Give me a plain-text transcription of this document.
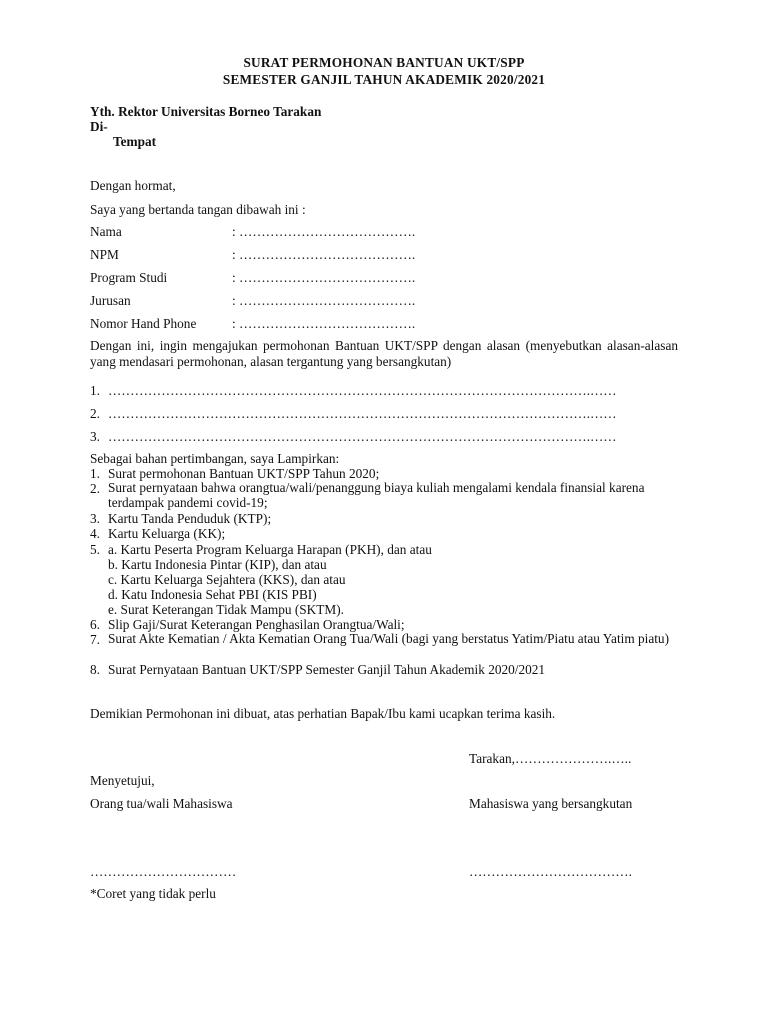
SURAT PERMOHONAN BANTUAN UKT/SPP
SEMESTER GANJIL TAHUN AKADEMIK 2020/2021
Yth. Rektor Universitas Borneo Tarakan
Di-
Tempat
Dengan hormat,
Saya yang bertanda tangan dibawah ini :
Nama	: ………………………………….
NPM	: ………………………………….
Program Studi	: ………………………………….
Jurusan	: ………………………………….
Nomor Hand Phone	: ………………………………….
Dengan ini, ingin mengajukan permohonan Bantuan UKT/SPP dengan alasan (menyebutkan alasan-alasan yang mendasari permohonan, alasan tergantung yang bersangkutan)
1. ……………………………………………………………………………………………….……
2. ……………………………………………………………………………………………….……
3. ……………………………………………………………………………………………….……
Sebagai bahan pertimbangan, saya Lampirkan:
1. Surat permohonan Bantuan UKT/SPP Tahun 2020;
2. Surat pernyataan bahwa orangtua/wali/penanggung biaya kuliah mengalami kendala finansial karena terdampak pandemi covid-19;
3. Kartu Tanda Penduduk (KTP);
4. Kartu Keluarga (KK);
5. a. Kartu Peserta Program Keluarga Harapan (PKH), dan atau
b. Kartu Indonesia Pintar (KIP), dan atau
c. Kartu Keluarga Sejahtera (KKS), dan atau
d. Katu Indonesia Sehat PBI (KIS PBI)
e. Surat Keterangan Tidak Mampu (SKTM).
6. Slip Gaji/Surat Keterangan Penghasilan Orangtua/Wali;
7. Surat Akte Kematian / Akta Kematian Orang Tua/Wali (bagi yang berstatus Yatim/Piatu atau Yatim piatu)
8. Surat Pernyataan Bantuan UKT/SPP Semester Ganjil Tahun Akademik 2020/2021
Demikian Permohonan ini dibuat, atas perhatian Bapak/Ibu kami ucapkan terima kasih.
Tarakan,………………….…..
Menyetujui,
Orang tua/wali Mahasiswa	Mahasiswa yang bersangkutan
……………………………	……………………………….
*Coret yang tidak perlu
